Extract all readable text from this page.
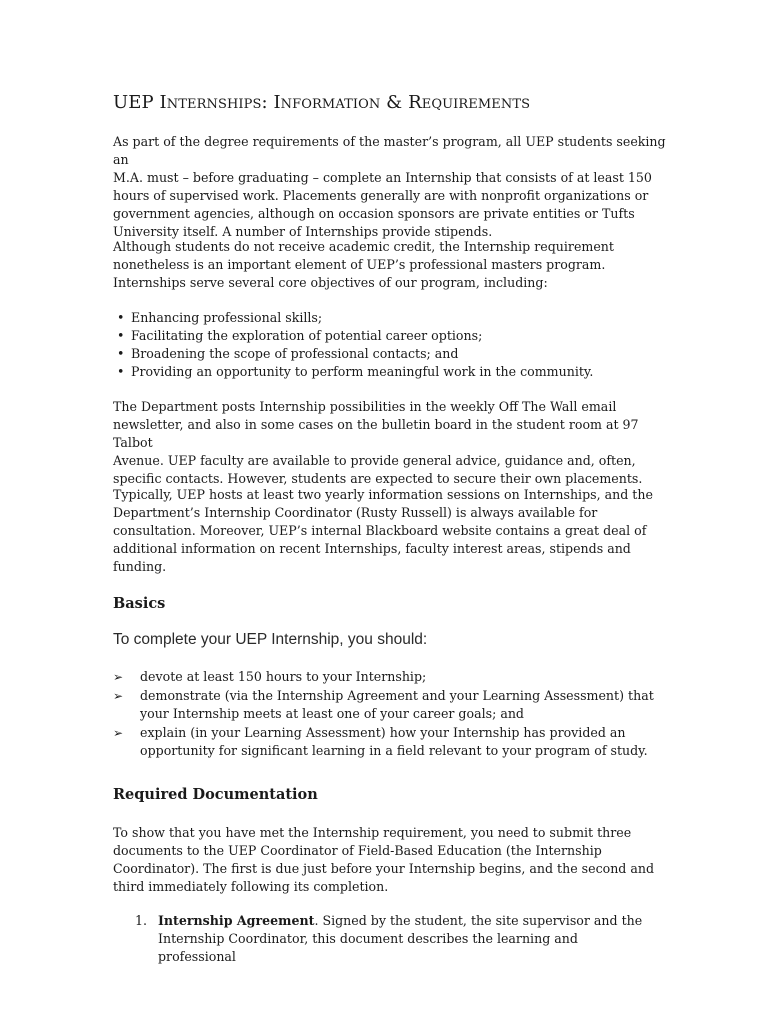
UEP Internships: Information & Requirements

As part of the degree requirements of the master’s program, all UEP students seeking an
M.A. must – before graduating – complete an Internship that consists of at least 150
hours of supervised work. Placements generally are with nonprofit organizations or
government agencies, although on occasion sponsors are private entities or Tufts
University itself. A number of Internships provide stipends.

Although students do not receive academic credit, the Internship requirement
nonetheless is an important element of UEP’s professional masters program.
Internships serve several core objectives of our program, including:

• Enhancing professional skills;
• Facilitating the exploration of potential career options;
• Broadening the scope of professional contacts; and
• Providing an opportunity to perform meaningful work in the community.

The Department posts Internship possibilities in the weekly Off The Wall email
newsletter, and also in some cases on the bulletin board in the student room at 97 Talbot
Avenue. UEP faculty are available to provide general advice, guidance and, often,
specific contacts. However, students are expected to secure their own placements.

Typically, UEP hosts at least two yearly information sessions on Internships, and the
Department’s Internship Coordinator (Rusty Russell) is always available for
consultation. Moreover, UEP’s internal Blackboard website contains a great deal of
additional information on recent Internships, faculty interest areas, stipends and
funding.

Basics
To complete your UEP Internship, you should:
➢ devote at least 150 hours to your Internship;
➢ demonstrate (via the Internship Agreement and your Learning Assessment) that
your Internship meets at least one of your career goals; and
➢ explain (in your Learning Assessment) how your Internship has provided an
opportunity for significant learning in a field relevant to your program of study.
Required Documentation

To show that you have met the Internship requirement, you need to submit three
documents to the UEP Coordinator of Field-Based Education (the Internship
Coordinator). The first is due just before your Internship begins, and the second and
third immediately following its completion.

1. Internship Agreement. Signed by the student, the site supervisor and the
Internship Coordinator, this document describes the learning and professional
